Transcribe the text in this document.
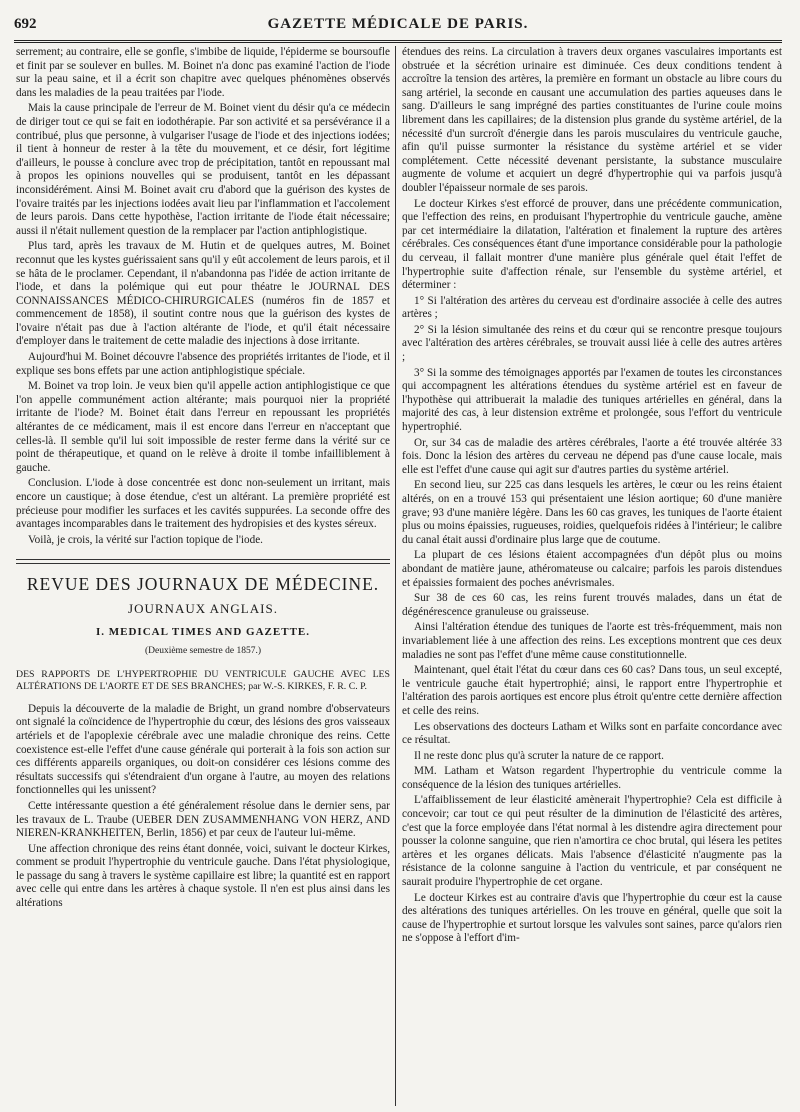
692	GAZETTE MÉDICALE DE PARIS.

serrement; au contraire, elle se gonfle, s'imbibe de liquide, l'épiderme se boursoufle et finit par se soulever en bulles. M. Boinet n'a donc pas examiné l'action de l'iode sur la peau saine, et il a écrit son chapitre avec quelques phénomènes observés dans les maladies de la peau traitées par l'iode.

Mais la cause principale de l'erreur de M. Boinet vient du désir qu'a ce médecin de diriger tout ce qui se fait en iodothérapie. Par son activité et sa persévérance il a contribué, plus que personne, à vulgariser l'usage de l'iode et des injections iodées; il tient à honneur de rester à la tête du mouvement, et ce désir, fort légitime d'ailleurs, le pousse à conclure avec trop de précipitation, tantôt en repoussant mal à propos les opinions nouvelles qui se produisent, tantôt en les dépassant inconsidérément. Ainsi M. Boinet avait cru d'abord que la guérison des kystes de l'ovaire traités par les injections iodées avait lieu par l'inflammation et l'accolement de leurs parois. Dans cette hypothèse, l'action irritante de l'iode était nécessaire; aussi il n'était nullement question de la remplacer par l'action antiphlogistique.

Plus tard, après les travaux de M. Hutin et de quelques autres, M. Boinet reconnut que les kystes guérissaient sans qu'il y eût accolement de leurs parois, et il se hâta de le proclamer. Cependant, il n'abandonna pas l'idée de action irritante de l'iode, et dans la polémique qui eut pour théatre le JOURNAL DES CONNAISSANCES MÉDICO-CHIRURGICALES (numéros fin de 1857 et commencement de 1858), il soutint contre nous que la guérison des kystes de l'ovaire n'était pas due à l'action altérante de l'iode, et qu'il était nécessaire d'employer dans le traitement de cette maladie des injections à dose irritante.

Aujourd'hui M. Boinet découvre l'absence des propriétés irritantes de l'iode, et il explique ses bons effets par une action antiphlogistique spéciale.

M. Boinet va trop loin. Je veux bien qu'il appelle action antiphlogistique ce que l'on appelle communément action altérante; mais pourquoi nier la propriété irritante de l'iode? M. Boinet était dans l'erreur en repoussant les propriétés altérantes de ce médicament, mais il est encore dans l'erreur en n'acceptant que celles-là. Il semble qu'il lui soit impossible de rester ferme dans la vérité sur ce point de thérapeutique, et quand on le relève à droite il tombe infailliblement à gauche.

Conclusion. L'iode à dose concentrée est donc non-seulement un irritant, mais encore un caustique; à dose étendue, c'est un altérant. La première propriété est précieuse pour modifier les surfaces et les cavités suppurées. La seconde offre des avantages incomparables dans le traitement des hydropisies et des kystes séreux.

Voilà, je crois, la vérité sur l'action topique de l'iode.

REVUE DES JOURNAUX DE MÉDECINE.
JOURNAUX ANGLAIS.
I. MEDICAL TIMES AND GAZETTE.
(Deuxième semestre de 1857.)

DES RAPPORTS DE L'HYPERTROPHIE DU VENTRICULE GAUCHE AVEC LES ALTÉRATIONS DE L'AORTE ET DE SES BRANCHES; par W.-S. KIRKES, F. R. C. P.

Depuis la découverte de la maladie de Bright, un grand nombre d'observateurs ont signalé la coïncidence de l'hypertrophie du cœur, des lésions des gros vaisseaux artériels et de l'apoplexie cérébrale avec une maladie chronique des reins. Cette coexistence est-elle l'effet d'une cause générale qui porterait à la fois son action sur ces différents appareils organiques, ou doit-on considérer ces lésions comme des résultats successifs qui s'étendraient d'un organe à l'autre, au moyen des relations fonctionnelles qui les unissent?

Cette intéressante question a été généralement résolue dans le dernier sens, par les travaux de L. Traube (UEBER DEN ZUSAMMENHANG VON HERZ, AND NIEREN-KRANKHEITEN, Berlin, 1856) et par ceux de l'auteur lui-même.

Une affection chronique des reins étant donnée, voici, suivant le docteur Kirkes, comment se produit l'hypertrophie du ventricule gauche. Dans l'état physiologique, le passage du sang à travers le système capillaire est libre; la quantité est en rapport avec celle qui entre dans les artères à chaque systole. Il n'en est plus ainsi dans les altérations

étendues des reins. La circulation à travers deux organes vasculaires importants est obstruée et la sécrétion urinaire est diminuée. Ces deux conditions tendent à accroître la tension des artères, la première en formant un obstacle au libre cours du sang artériel, la seconde en causant une accumulation des parties aqueuses dans le sang. D'ailleurs le sang imprégné des parties constituantes de l'urine coule moins librement dans les capillaires; de la distension plus grande du système artériel, de la nécessité d'un surcroît d'énergie dans les parois musculaires du ventricule gauche, afin qu'il puisse surmonter la résistance du système artériel et se vider complétement. Cette nécessité devenant persistante, la substance musculaire augmente de volume et acquiert un degré d'hypertrophie qui va parfois jusqu'à doubler l'épaisseur normale de ses parois.

Le docteur Kirkes s'est efforcé de prouver, dans une précédente communication, que l'effection des reins, en produisant l'hypertrophie du ventricule gauche, amène par cet intermédiaire la dilatation, l'altération et finalement la rupture des artères cérébrales. Ces conséquences étant d'une importance considérable pour la pathologie du cerveau, il fallait montrer d'une manière plus générale quel était l'effet de l'hypertrophie suite d'affection rénale, sur l'ensemble du système artériel, et déterminer :

1° Si l'altération des artères du cerveau est d'ordinaire associée à celle des autres artères ;

2° Si la lésion simultanée des reins et du cœur qui se rencontre presque toujours avec l'altération des artères cérébrales, se trouvait aussi liée à celle des autres artères ;

3° Si la somme des témoignages apportés par l'examen de toutes les circonstances qui accompagnent les altérations étendues du système artériel est en faveur de l'hypothèse qui attribuerait la maladie des tuniques artérielles en général, dans la majorité des cas, à leur distension extrême et prolongée, sous l'effort du ventricule hypertrophié.

Or, sur 34 cas de maladie des artères cérébrales, l'aorte a été trouvée altérée 33 fois. Donc la lésion des artères du cerveau ne dépend pas d'une cause locale, mais elle est l'effet d'une cause qui agit sur d'autres parties du système artériel.

En second lieu, sur 225 cas dans lesquels les artères, le cœur ou les reins étaient altérés, on en a trouvé 153 qui présentaient une lésion aortique; 60 d'une manière grave; 93 d'une manière légère. Dans les 60 cas graves, les tuniques de l'aorte étaient plus ou moins épaissies, rugueuses, roidies, quelquefois ridées à l'intérieur; le calibre du canal était aussi d'ordinaire plus large que de coutume.

La plupart de ces lésions étaient accompagnées d'un dépôt plus ou moins abondant de matière jaune, athéromateuse ou calcaire; parfois les parois distendues et épaissies formaient des poches anévrismales.

Sur 38 de ces 60 cas, les reins furent trouvés malades, dans un état de dégénérescence granuleuse ou graisseuse.

Ainsi l'altération étendue des tuniques de l'aorte est très-fréquemment, mais non invariablement liée à une affection des reins. Les exceptions montrent que ces deux maladies ne sont pas l'effet d'une même cause constitutionnelle.

Maintenant, quel était l'état du cœur dans ces 60 cas? Dans tous, un seul excepté, le ventricule gauche était hypertrophié; ainsi, le rapport entre l'hypertrophie et l'altération des parois aortiques est encore plus étroit qu'entre cette dernière affection et celle des reins.

Les observations des docteurs Latham et Wilks sont en parfaite concordance avec ce résultat.

Il ne reste donc plus qu'à scruter la nature de ce rapport.

MM. Latham et Watson regardent l'hypertrophie du ventricule comme la conséquence de la lésion des tuniques artérielles.

L'affaiblissement de leur élasticité amènerait l'hypertrophie? Cela est difficile à concevoir; car tout ce qui peut résulter de la diminution de l'élasticité des artères, c'est que la force employée dans l'état normal à les distendre agira directement pour pousser la colonne sanguine, que rien n'amortira ce choc brutal, qui lésera les petites artères et les organes délicats. Mais l'absence d'élasticité n'augmente pas la résistance de la colonne sanguine à l'action du ventricule, et par conséquent ne saurait produire l'hypertrophie de cet organe.

Le docteur Kirkes est au contraire d'avis que l'hypertrophie du cœur est la cause des altérations des tuniques artérielles. On les trouve en général, quelle que soit la cause de l'hypertrophie et surtout lorsque les valvules sont saines, parce qu'alors rien ne s'oppose à l'effort d'im-
